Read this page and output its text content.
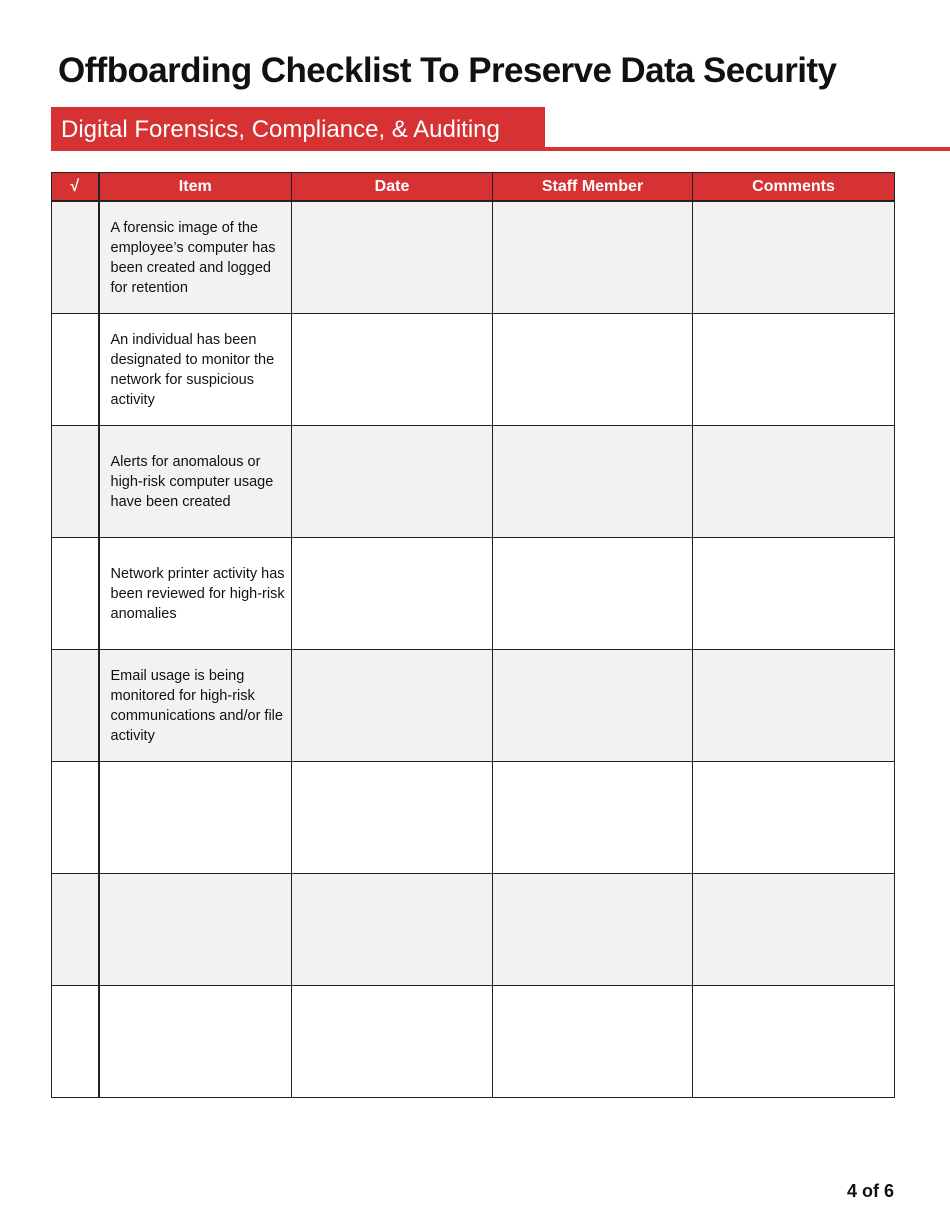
Offboarding Checklist To Preserve Data Security
Digital Forensics, Compliance, & Auditing
√	Item	Date	Staff Member	Comments

	A forensic image of the employee’s computer has been created and logged for retention			

	An individual has been designated to monitor the network for suspicious activity			

	Alerts for anomalous or high-risk computer usage have been created			

	Network printer activity has been reviewed for high-risk anomalies			

	Email usage is being monitored for high-risk communications and/or file activity			

4 of 6
